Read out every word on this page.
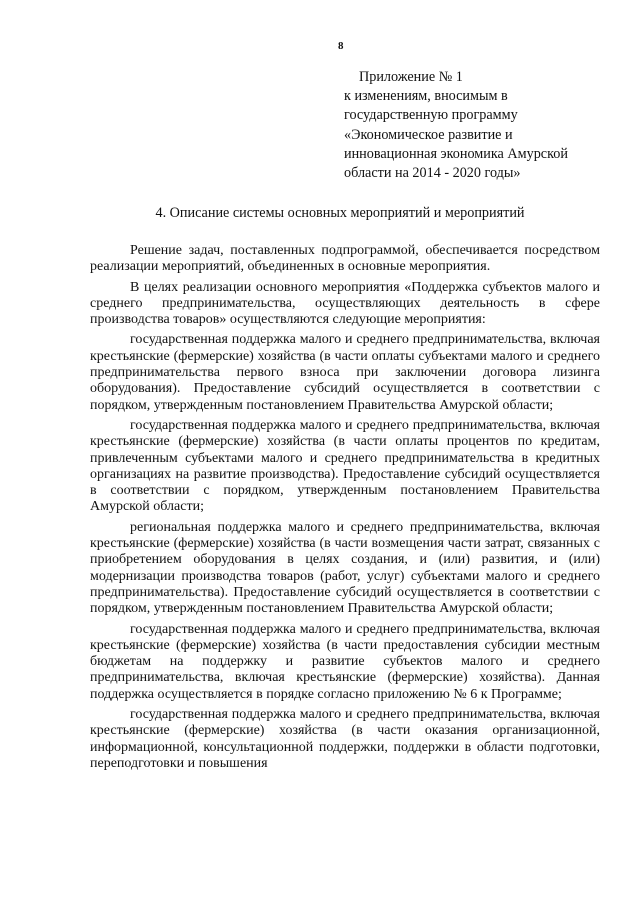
8
Приложение № 1
к изменениям, вносимым в
государственную программу
«Экономическое развитие и
инновационная экономика Амурской
области на 2014 - 2020 годы»
4. Описание системы основных мероприятий и мероприятий

Решение задач, поставленных подпрограммой, обеспечивается посредством реализации мероприятий, объединенных в основные мероприятия.

В целях реализации основного мероприятия «Поддержка субъектов малого и среднего предпринимательства, осуществляющих деятельность в сфере производства товаров» осуществляются следующие мероприятия:

государственная поддержка малого и среднего предпринимательства, включая крестьянские (фермерские) хозяйства (в части оплаты субъектами малого и среднего предпринимательства первого взноса при заключении договора лизинга оборудования). Предоставление субсидий осуществляется в соответствии с порядком, утвержденным постановлением Правительства Амурской области;

государственная поддержка малого и среднего предпринимательства, включая крестьянские (фермерские) хозяйства (в части оплаты процентов по кредитам, привлеченным субъектами малого и среднего предпринимательства в кредитных организациях на развитие производства). Предоставление субсидий осуществляется в соответствии с порядком, утвержденным постановлением Правительства Амурской области;

региональная поддержка малого и среднего предпринимательства, включая крестьянские (фермерские) хозяйства (в части возмещения части затрат, связанных с приобретением оборудования в целях создания, и (или) развития, и (или) модернизации производства товаров (работ, услуг) субъектами малого и среднего предпринимательства). Предоставление субсидий осуществляется в соответствии с порядком, утвержденным постановлением Правительства Амурской области;

государственная поддержка малого и среднего предпринимательства, включая крестьянские (фермерские) хозяйства (в части предоставления субсидии местным бюджетам на поддержку и развитие субъектов малого и среднего предпринимательства, включая крестьянские (фермерские) хозяйства). Данная поддержка осуществляется в порядке согласно приложению № 6 к Программе;

государственная поддержка малого и среднего предпринимательства, включая крестьянские (фермерские) хозяйства (в части оказания организационной, информационной, консультационной поддержки, поддержки в области подготовки, переподготовки и повышения
